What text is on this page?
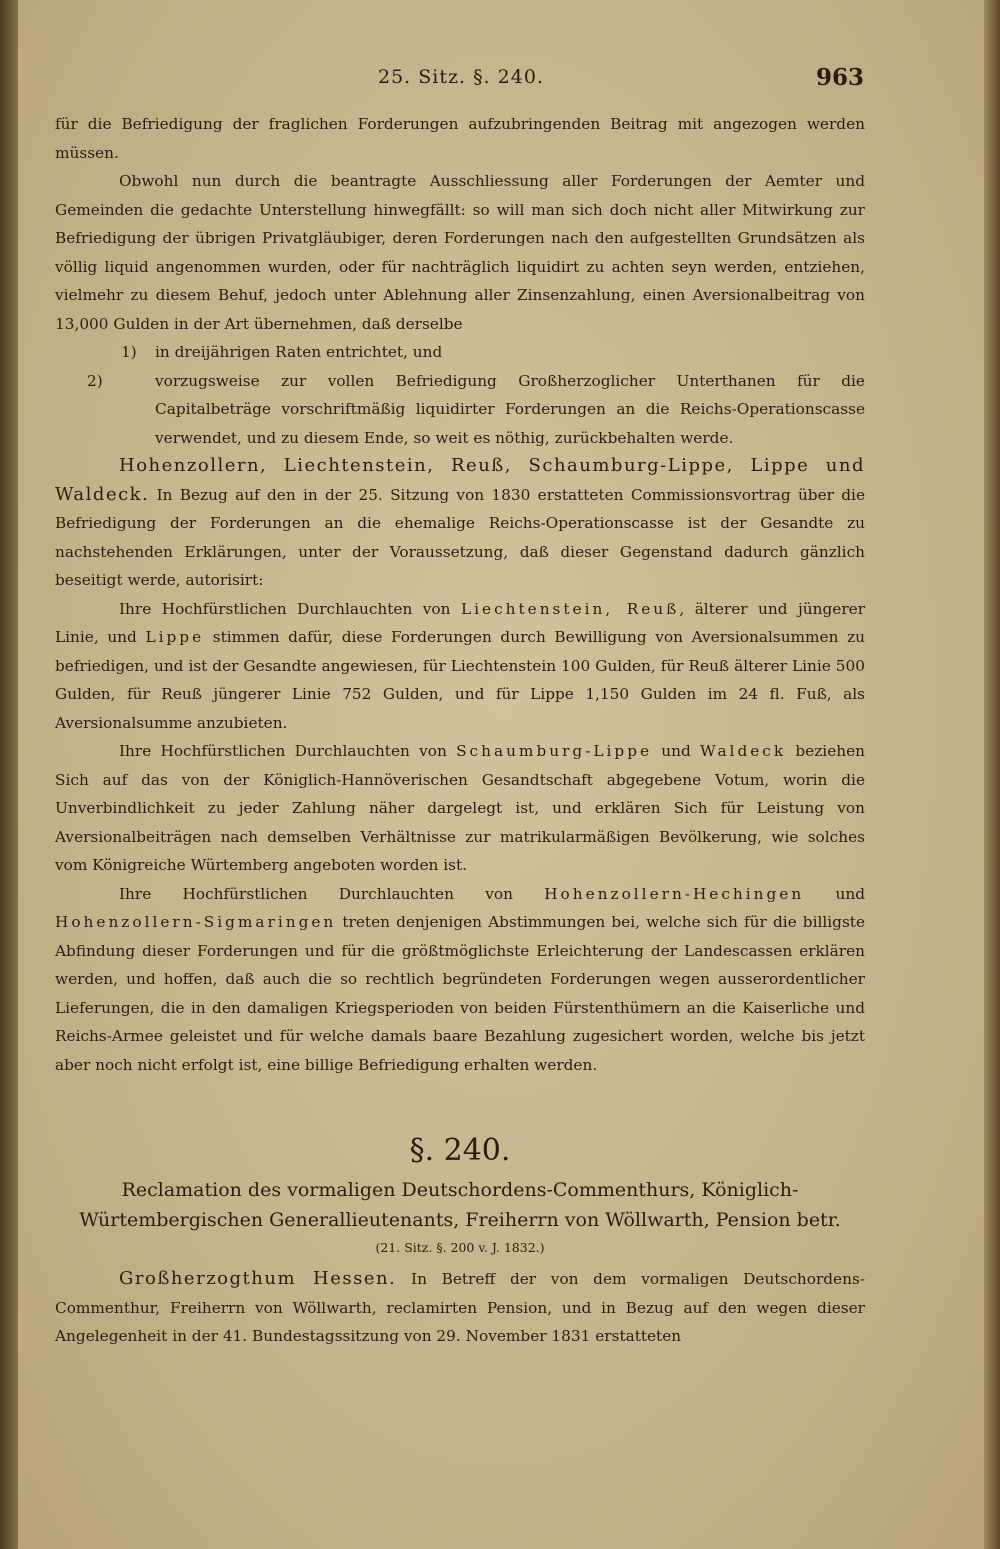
25. Sitz. §. 240.	963

für die Befriedigung der fraglichen Forderungen aufzubringenden Beitrag mit angezogen werden müssen.

Obwohl nun durch die beantragte Ausschliessung aller Forderungen der Aemter und Gemeinden die gedachte Unterstellung hinwegfällt: so will man sich doch nicht aller Mitwirkung zur Befriedigung der übrigen Privatgläubiger, deren Forderungen nach den aufgestellten Grundsätzen als völlig liquid angenommen wurden, oder für nachträglich liquidirt zu achten seyn werden, entziehen, vielmehr zu diesem Behuf, jedoch unter Ablehnung aller Zinsenzahlung, einen Aversionalbeitrag von 13,000 Gulden in der Art übernehmen, daß derselbe

1) in dreijährigen Raten entrichtet, und

2)	vorzugsweise zur vollen Befriedigung Großherzoglicher Unterthanen für die Capitalbeträge vorschriftmäßig liquidirter Forderungen an die Reichs-Operationscasse verwendet, und zu diesem Ende, so weit es nöthig, zurückbehalten werde.

Hohenzollern, Liechtenstein, Reuß, Schaumburg-Lippe, Lippe und Waldeck. In Bezug auf den in der 25. Sitzung von 1830 erstatteten Commissionsvortrag über die Befriedigung der Forderungen an die ehemalige Reichs-Operationscasse ist der Gesandte zu nachstehenden Erklärungen, unter der Voraussetzung, daß dieser Gegenstand dadurch gänzlich beseitigt werde, autorisirt:

Ihre Hochfürstlichen Durchlauchten von Liechtenstein, Reuß, älterer und jüngerer Linie, und Lippe stimmen dafür, diese Forderungen durch Bewilligung von Aversionalsummen zu befriedigen, und ist der Gesandte angewiesen, für Liechtenstein 100 Gulden, für Reuß älterer Linie 500 Gulden, für Reuß jüngerer Linie 752 Gulden, und für Lippe 1,150 Gulden im 24 fl. Fuß, als Aversionalsumme anzubieten.

Ihre Hochfürstlichen Durchlauchten von Schaumburg-Lippe und Waldeck beziehen Sich auf das von der Königlich-Hannöverischen Gesandtschaft abgegebene Votum, worin die Unverbindlichkeit zu jeder Zahlung näher dargelegt ist, und erklären Sich für Leistung von Aversionalbeiträgen nach demselben Verhältnisse zur matrikularmäßigen Bevölkerung, wie solches vom Königreiche Würtemberg angeboten worden ist.

Ihre Hochfürstlichen Durchlauchten von Hohenzollern-Hechingen und Hohenzollern-Sigmaringen treten denjenigen Abstimmungen bei, welche sich für die billigste Abfindung dieser Forderungen und für die größtmöglichste Erleichterung der Landescassen erklären werden, und hoffen, daß auch die so rechtlich begründeten Forderungen wegen ausserordentlicher Lieferungen, die in den damaligen Kriegsperioden von beiden Fürstenthümern an die Kaiserliche und Reichs-Armee geleistet und für welche damals baare Bezahlung zugesichert worden, welche bis jetzt aber noch nicht erfolgt ist, eine billige Befriedigung erhalten werden.

§. 240.
Reclamation des vormaligen Deutschordens-Commenthurs, Königlich-Würtembergischen Generallieutenants, Freiherrn von Wöllwarth, Pension betr.
(21. Sitz. §. 200 v. J. 1832.)

Großherzogthum Hessen. In Betreff der von dem vormaligen Deutschordens-Commenthur, Freiherrn von Wöllwarth, reclamirten Pension, und in Bezug auf den wegen dieser Angelegenheit in der 41. Bundestagssitzung von 29. November 1831 erstatteten
